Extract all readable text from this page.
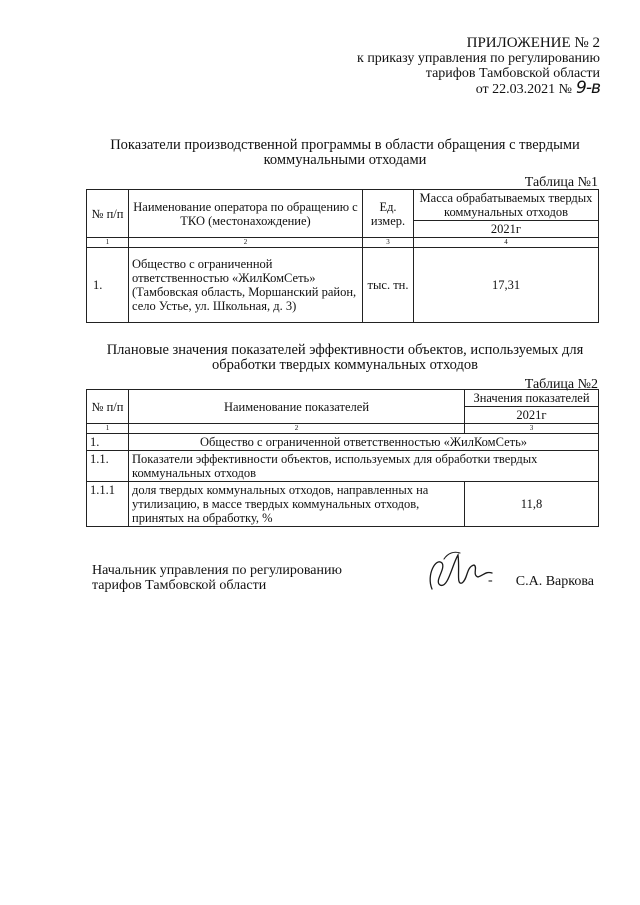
ПРИЛОЖЕНИЕ № 2
к приказу управления по регулированию
тарифов Тамбовской области
от 22.03.2021 № 9-в
Показатели производственной программы в области обращения с твердыми коммунальными отходами
Таблица №1
№ п/п	Наименование оператора по обращению с ТКО (местонахождение)	Ед. измер.	Масса обрабатываемых твердых коммунальных отходов
			2021г
1	2	3	4
1.	Общество с ограниченной ответственностью «ЖилКомСеть» (Тамбовская область, Моршанский район, село Устье, ул. Школьная, д. 3)	тыс. тн.	17,31
Плановые значения показателей эффективности объектов, используемых для обработки твердых коммунальных отходов
Таблица №2
№ п/п	Наименование показателей	Значения показателей
		2021г
1	2	3
1.	Общество с ограниченной ответственностью «ЖилКомСеть»	
1.1.	Показатели эффективности объектов, используемых для обработки твердых коммунальных отходов	
1.1.1	доля твердых коммунальных отходов, направленных на утилизацию, в массе твердых коммунальных отходов, принятых на обработку, %	11,8
Начальник управления по регулированию
тарифов Тамбовской области	- С.А. Варкова
